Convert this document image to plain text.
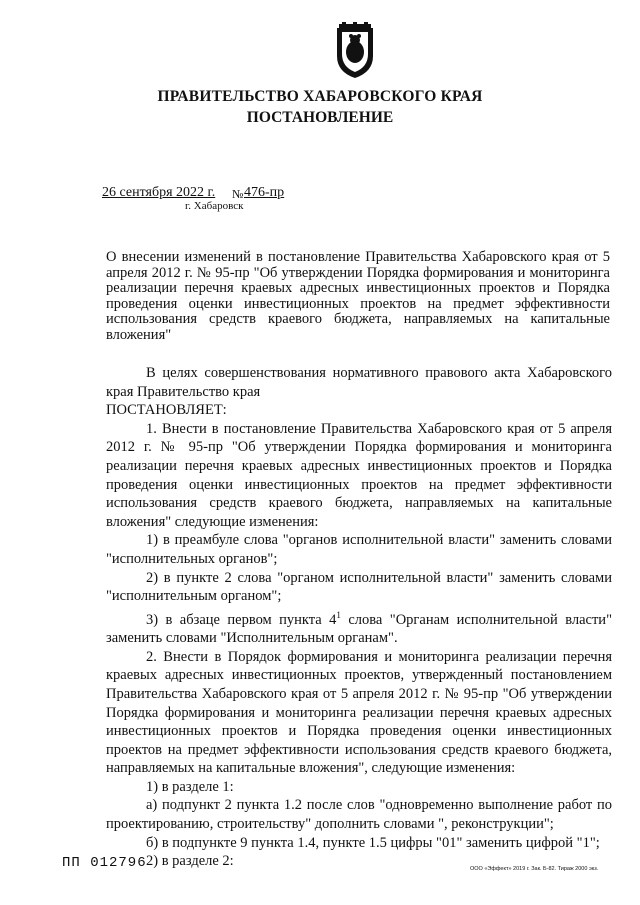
ПРАВИТЕЛЬСТВО ХАБАРОВСКОГО КРАЯ
ПОСТАНОВЛЕНИЕ
26 сентября 2022 г. № 476-пр
г. Хабаровск
О внесении изменений в постановление Правительства Хабаровского края от 5 апреля 2012 г. № 95-пр "Об утверждении Порядка формирования и мониторинга реализации перечня краевых адресных инвестиционных проектов и Порядка проведения оценки инвестиционных проектов на предмет эффективности использования средств краевого бюджета, направляемых на капитальные вложения"

В целях совершенствования нормативного правового акта Хабаровского края Правительство края

ПОСТАНОВЛЯЕТ:

1. Внести в постановление Правительства Хабаровского края от 5 апреля 2012 г. № 95-пр "Об утверждении Порядка формирования и мониторинга реализации перечня краевых адресных инвестиционных проектов и Порядка проведения оценки инвестиционных проектов на предмет эффективности использования средств краевого бюджета, направляемых на капитальные вложения" следующие изменения:

1) в преамбуле слова "органов исполнительной власти" заменить словами "исполнительных органов";

2) в пункте 2 слова "органом исполнительной власти" заменить словами "исполнительным органом";

3) в абзаце первом пункта $4^1$ слова "Органам исполнительной власти" заменить словами "Исполнительным органам".

2. Внести в Порядок формирования и мониторинга реализации перечня краевых адресных инвестиционных проектов, утвержденный постановлением Правительства Хабаровского края от 5 апреля 2012 г. № 95-пр "Об утверждении Порядка формирования и мониторинга реализации перечня краевых адресных инвестиционных проектов и Порядка проведения оценки инвестиционных проектов на предмет эффективности использования средств краевого бюджета, направляемых на капитальные вложения", следующие изменения:

1) в разделе 1:

а) подпункт 2 пункта 1.2 после слов "одновременно выполнение работ по проектированию, строительству" дополнить словами ", реконструкции";

б) в подпункте 9 пункта 1.4, пункте 1.5 цифры "01" заменить цифрой "1";

2) в разделе 2:

ПП 012796	ООО «Эффект» 2019 г. Зак. Б-82. Тираж 2000 экз.
